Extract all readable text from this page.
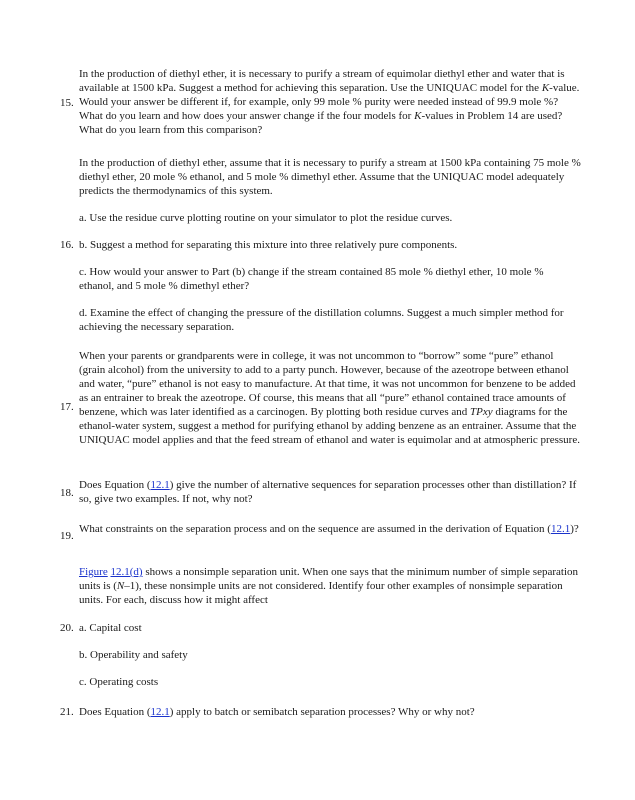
15.

In the production of diethyl ether, it is necessary to purify a stream of equimolar diethyl ether and water that is available at 1500 kPa. Suggest a method for achieving this separation. Use the UNIQUAC model for the K-value. Would your answer be different if, for example, only 99 mole % purity were needed instead of 99.9 mole %? What do you learn and how does your answer change if the four models for K-values in Problem 14 are used? What do you learn from this comparison?

In the production of diethyl ether, assume that it is necessary to purify a stream at 1500 kPa containing 75 mole % diethyl ether, 20 mole % ethanol, and 5 mole % dimethyl ether. Assume that the UNIQUAC model adequately predicts the thermodynamics of this system.

a. Use the residue curve plotting routine on your simulator to plot the residue curves.

16. b. Suggest a method for separating this mixture into three relatively pure components.

c. How would your answer to Part (b) change if the stream contained 85 mole % diethyl ether, 10 mole % ethanol, and 5 mole % dimethyl ether?

d. Examine the effect of changing the pressure of the distillation columns. Suggest a much simpler method for achieving the necessary separation.

17.

When your parents or grandparents were in college, it was not uncommon to “borrow” some “pure” ethanol (grain alcohol) from the university to add to a party punch. However, because of the azeotrope between ethanol and water, “pure” ethanol is not easy to manufacture. At that time, it was not uncommon for benzene to be added as an entrainer to break the azeotrope. Of course, this means that all “pure” ethanol contained trace amounts of benzene, which was later identified as a carcinogen. By plotting both residue curves and TPxy diagrams for the ethanol-water system, suggest a method for purifying ethanol by adding benzene as an entrainer. Assume that the UNIQUAC model applies and that the feed stream of ethanol and water is equimolar and at atmospheric pressure.

18.

Does Equation (12.1) give the number of alternative sequences for separation processes other than distillation? If so, give two examples. If not, why not?

19.

What constraints on the separation process and on the sequence are assumed in the derivation of Equation (12.1)?

Figure 12.1(d) shows a nonsimple separation unit. When one says that the minimum number of simple separation units is (N–1), these nonsimple units are not considered. Identify four other examples of nonsimple separation units. For each, discuss how it might affect

20. a. Capital cost

b. Operability and safety

c. Operating costs

21. Does Equation (12.1) apply to batch or semibatch separation processes? Why or why not?
